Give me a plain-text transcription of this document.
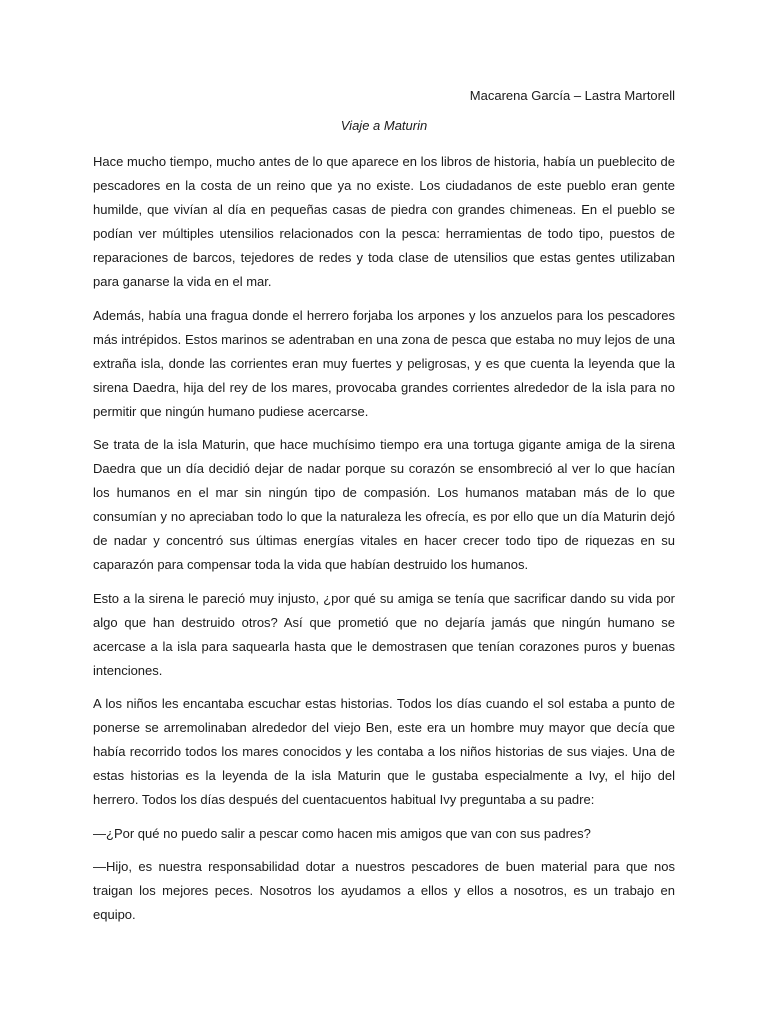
Macarena García – Lastra Martorell

Viaje a Maturin

Hace mucho tiempo, mucho antes de lo que aparece en los libros de historia, había un pueblecito de pescadores en la costa de un reino que ya no existe. Los ciudadanos de este pueblo eran gente humilde, que vivían al día en pequeñas casas de piedra con grandes chimeneas. En el pueblo se podían ver múltiples utensilios relacionados con la pesca: herramientas de todo tipo, puestos de reparaciones de barcos, tejedores de redes y toda clase de utensilios que estas gentes utilizaban para ganarse la vida en el mar.

Además, había una fragua donde el herrero forjaba los arpones y los anzuelos para los pescadores más intrépidos. Estos marinos se adentraban en una zona de pesca que estaba no muy lejos de una extraña isla, donde las corrientes eran muy fuertes y peligrosas, y es que cuenta la leyenda que la sirena Daedra, hija del rey de los mares, provocaba grandes corrientes alrededor de la isla para no permitir que ningún humano pudiese acercarse.

Se trata de la isla Maturin, que hace muchísimo tiempo era una tortuga gigante amiga de la sirena Daedra que un día decidió dejar de nadar porque su corazón se ensombreció al ver lo que hacían los humanos en el mar sin ningún tipo de compasión. Los humanos mataban más de lo que consumían y no apreciaban todo lo que la naturaleza les ofrecía, es por ello que un día Maturin dejó de nadar y concentró sus últimas energías vitales en hacer crecer todo tipo de riquezas en su caparazón para compensar toda la vida que habían destruido los humanos.

Esto a la sirena le pareció muy injusto, ¿por qué su amiga se tenía que sacrificar dando su vida por algo que han destruido otros? Así que prometió que no dejaría jamás que ningún humano se acercase a la isla para saquearla hasta que le demostrasen que tenían corazones puros y buenas intenciones.

A los niños les encantaba escuchar estas historias. Todos los días cuando el sol estaba a punto de ponerse se arremolinaban alrededor del viejo Ben, este era un hombre muy mayor que decía que había recorrido todos los mares conocidos y les contaba a los niños historias de sus viajes. Una de estas historias es la leyenda de la isla Maturin que le gustaba especialmente a Ivy, el hijo del herrero. Todos los días después del cuentacuentos habitual Ivy preguntaba a su padre:

—¿Por qué no puedo salir a pescar como hacen mis amigos que van con sus padres?

—Hijo, es nuestra responsabilidad dotar a nuestros pescadores de buen material para que nos traigan los mejores peces. Nosotros los ayudamos a ellos y ellos a nosotros, es un trabajo en equipo.
